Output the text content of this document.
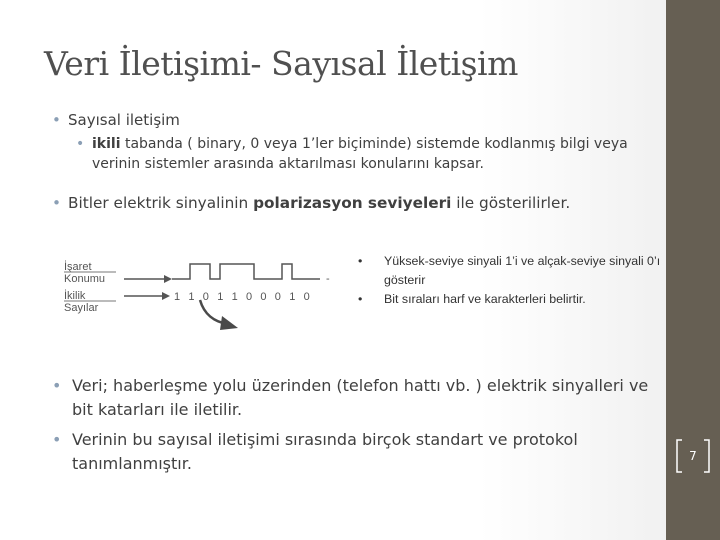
Veri İletişimi- Sayısal İletişim
• Sayısal iletişim
• ikili tabanda ( binary, 0 veya 1’ler biçiminde) sistemde kodlanmış bilgi veya verinin sistemler arasında aktarılması konularını kapsar.
• Bitler elektrik sinyalinin polarizasyon seviyeleri ile gösterilirler.
İşaret
Konumu
İkilik
Sayılar
-
1 1 0 1 1 0 0 0 1 0
• Yüksek-seviye sinyali 1’i ve alçak-seviye sinyali 0’ı gösterir
• Bit sıraları harf ve karakterleri belirtir.
• Veri; haberleşme yolu üzerinden (telefon hattı vb. ) elektrik sinyalleri ve bit katarları ile iletilir.
• Verinin bu sayısal iletişimi sırasında birçok standart ve protokol tanımlanmıştır.	7
